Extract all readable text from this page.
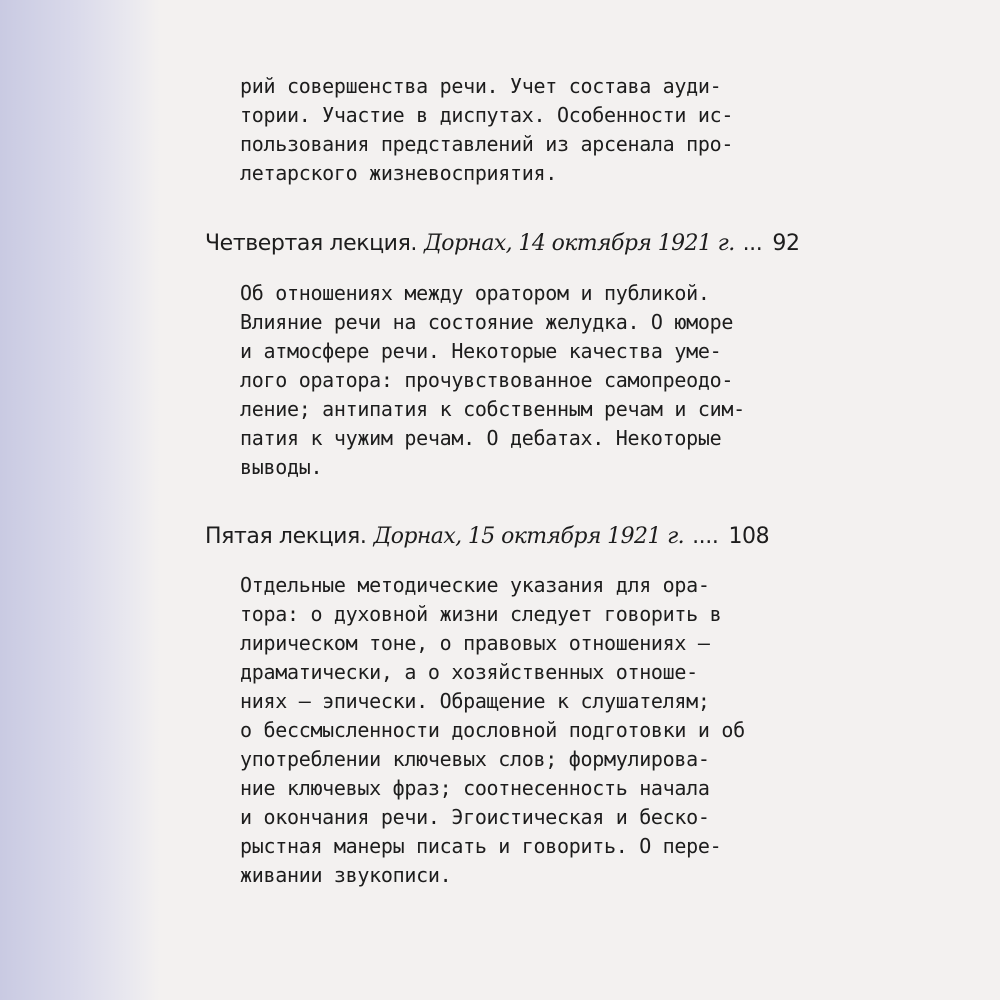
рий совершенства речи. Учет состава ауди-
тории. Участие в диспутах. Особенности ис-
пользования представлений из арсенала про-
летарского жизневосприятия.

Четвертая лекция. Дорнах, 14 октября 1921 г. ... 92

Об отношениях между оратором и публикой.
Влияние речи на состояние желудка. О юморе
и атмосфере речи. Некоторые качества уме-
лого оратора: прочувствованное самопреодо-
ление; антипатия к собственным речам и сим-
патия к чужим речам. О дебатах. Некоторые
выводы.

Пятая лекция. Дорнах, 15 октября 1921 г. .... 108

Отдельные методические указания для ора-
тора: о духовной жизни следует говорить в
лирическом тоне, о правовых отношениях —
драматически, а о хозяйственных отноше-
ниях — эпически. Обращение к слушателям;
о бессмысленности дословной подготовки и об
употреблении ключевых слов; формулирова-
ние ключевых фраз; соотнесенность начала
и окончания речи. Эгоистическая и беско-
рыстная манеры писать и говорить. О пере-
живании звукописи.
